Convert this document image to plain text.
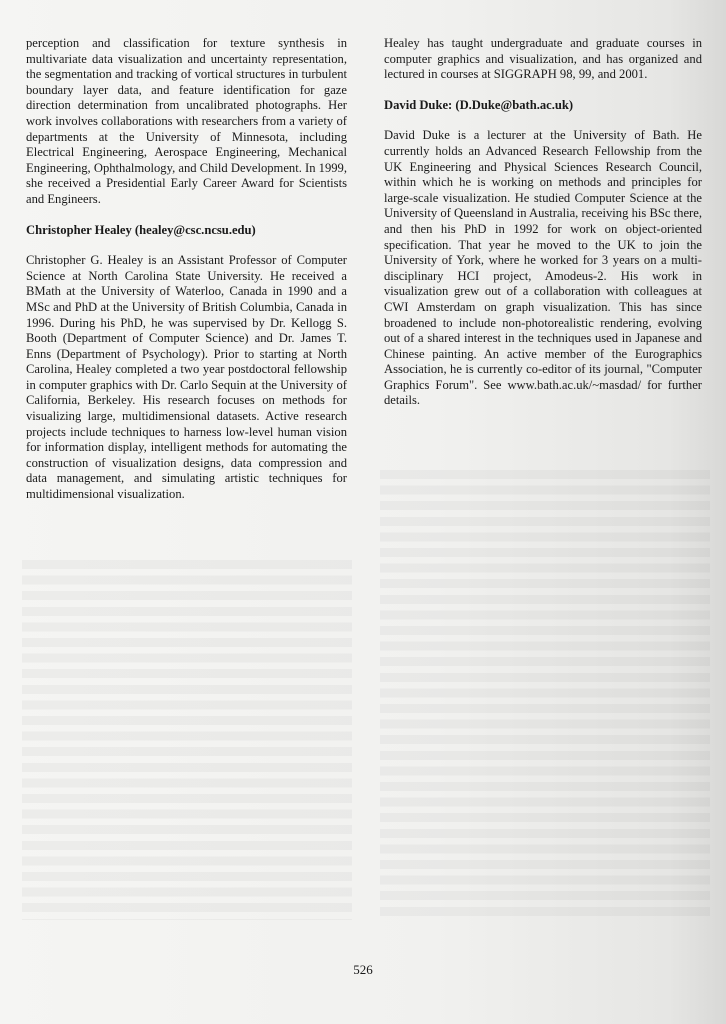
perception and classification for texture synthesis in multivariate data visualization and uncertainty representation, the segmentation and tracking of vortical structures in turbulent boundary layer data, and feature identification for gaze direction determination from uncalibrated photographs. Her work involves collaborations with researchers from a variety of departments at the University of Minnesota, including Electrical Engineering, Aerospace Engineering, Mechanical Engineering, Ophthalmology, and Child Development. In 1999, she received a Presidential Early Career Award for Scientists and Engineers.

Christopher Healey (healey@csc.ncsu.edu)

Christopher G. Healey is an Assistant Professor of Computer Science at North Carolina State University. He received a BMath at the University of Waterloo, Canada in 1990 and a MSc and PhD at the University of British Columbia, Canada in 1996. During his PhD, he was supervised by Dr. Kellogg S. Booth (Department of Computer Science) and Dr. James T. Enns (Department of Psychology). Prior to starting at North Carolina, Healey completed a two year postdoctoral fellowship in computer graphics with Dr. Carlo Sequin at the University of California, Berkeley. His research focuses on methods for visualizing large, multidimensional datasets. Active research projects include techniques to harness low-level human vision for information display, intelligent methods for automating the construction of visualization designs, data compression and data management, and simulating artistic techniques for multidimensional visualization.

Healey has taught undergraduate and graduate courses in computer graphics and visualization, and has organized and lectured in courses at SIGGRAPH 98, 99, and 2001.

David Duke: (D.Duke@bath.ac.uk)

David Duke is a lecturer at the University of Bath. He currently holds an Advanced Research Fellowship from the UK Engineering and Physical Sciences Research Council, within which he is working on methods and principles for large-scale visualization. He studied Computer Science at the University of Queensland in Australia, receiving his BSc there, and then his PhD in 1992 for work on object-oriented specification. That year he moved to the UK to join the University of York, where he worked for 3 years on a multi-disciplinary HCI project, Amodeus-2. His work in visualization grew out of a collaboration with colleagues at CWI Amsterdam on graph visualization. This has since broadened to include non-photorealistic rendering, evolving out of a shared interest in the techniques used in Japanese and Chinese painting. An active member of the Eurographics Association, he is currently co-editor of its journal, "Computer Graphics Forum". See www.bath.ac.uk/~masdad/ for further details.

526
